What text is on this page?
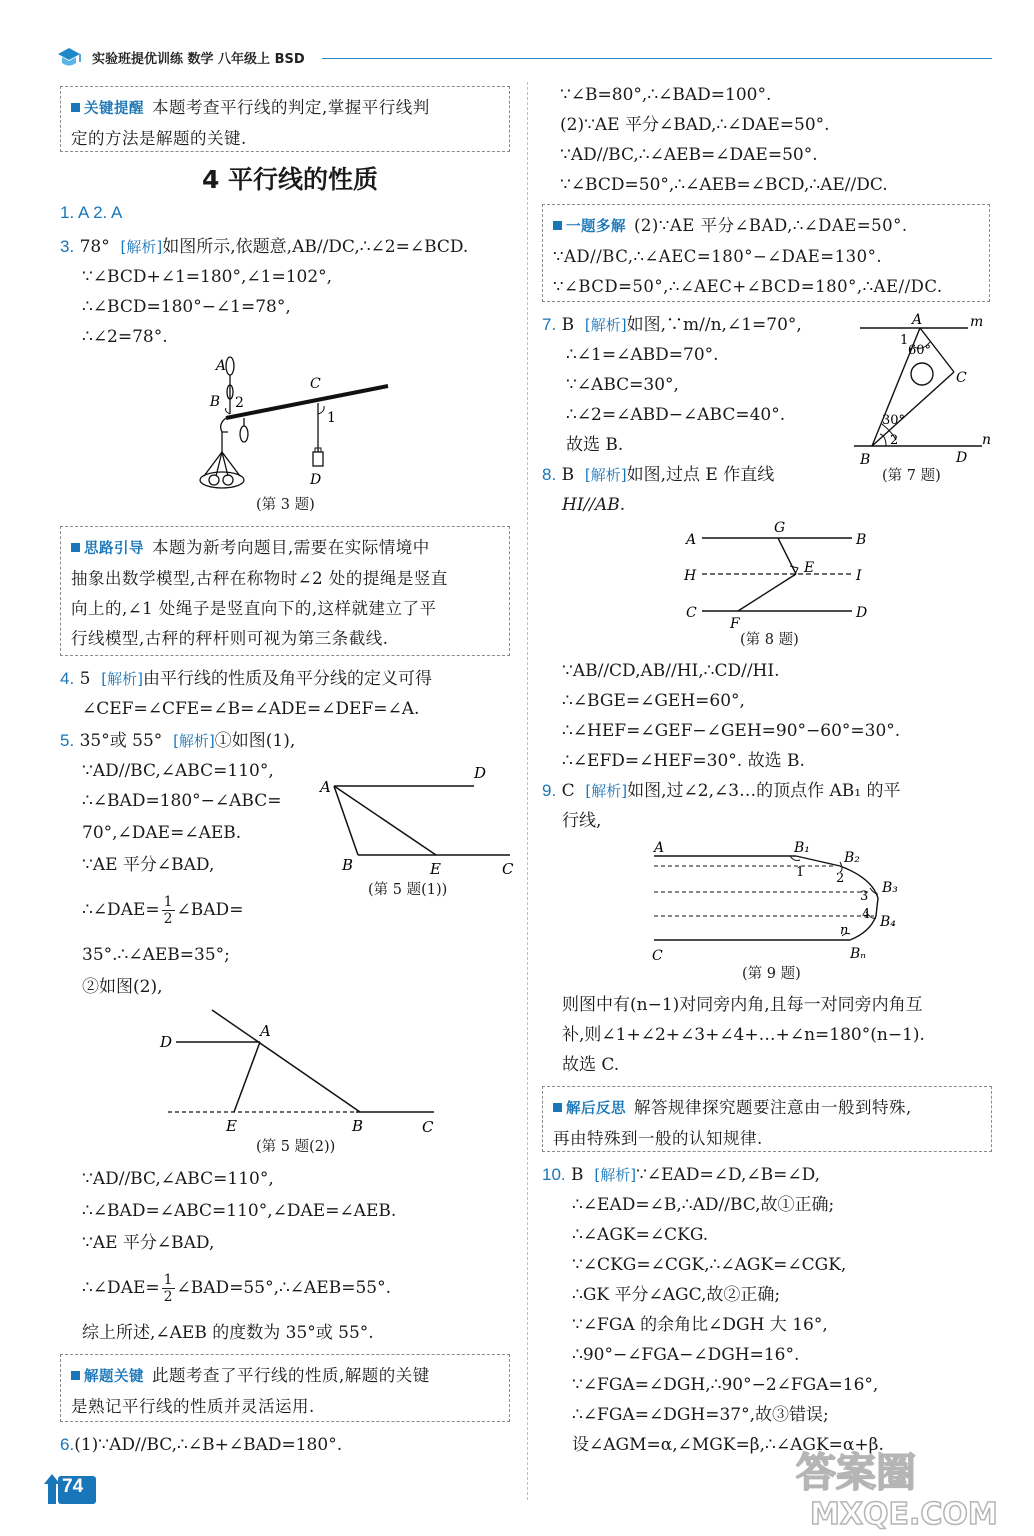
实验班提优训练 数学 八年级上 BSD
关键提醒 本题考查平行线的判定,掌握平行线判
定的方法是解题的关键.
4 平行线的性质
1. A 2. A
3. 78° [解析]如图所示,依题意,AB//DC,∴∠2=∠BCD.
∵∠BCD+∠1=180°,∠1=102°,
∴∠BCD=180°−∠1=78°,
∴∠2=78°.
A
B 2
C
1
D
(第 3 题)
思路引导 本题为新考向题目,需要在实际情境中
抽象出数学模型,古秤在称物时∠2 处的提绳是竖直
向上的,∠1 处绳子是竖直向下的,这样就建立了平
行线模型,古秤的秤杆则可视为第三条截线.
4. 5 [解析]由平行线的性质及角平分线的定义可得
∠CEF=∠CFE=∠B=∠ADE=∠DEF=∠A.
5. 35°或 55° [解析]①如图(1),
∵AD//BC,∠ABC=110°,
∴∠BAD=180°−∠ABC=
70°,∠DAE=∠AEB.
∵AE 平分∠BAD,
∴∠DAE= $\frac{1}{2}$ ∠BAD=
35°.∴∠AEB=35°;
②如图(2),
A
D
B	E	C
(第 5 题(1))
D
A
E	B	C
(第 5 题(2))
∵AD//BC,∠ABC=110°,
∴∠BAD=∠ABC=110°,∠DAE=∠AEB.
∵AE 平分∠BAD,
∴∠DAE= $\frac{1}{2}$ ∠BAD=55°,∴∠AEB=55°.
综上所述,∠AEB 的度数为 35°或 55°.
解题关键 此题考查了平行线的性质,解题的关键
是熟记平行线的性质并灵活运用.
6.(1)∵AD//BC,∴∠B+∠BAD=180°.
∵∠B=80°,∴∠BAD=100°.
(2)∵AE 平分∠BAD,∴∠DAE=50°.
∵AD//BC,∴∠AEB=∠DAE=50°.
∵∠BCD=50°,∴∠AEB=∠BCD,∴AE//DC.
一题多解 (2)∵AE 平分∠BAD,∴∠DAE=50°.
∵AD//BC,∴∠AEC=180°−∠DAE=130°.
∵∠BCD=50°,∴∠AEC+∠BCD=180°,∴AE//DC.
7. B [解析]如图,∵m//n,∠1=70°,
∴∠1=∠ABD=70°.
∵∠ABC=30°,
∴∠2=∠ABD−∠ABC=40°.
故选 B.
A	m
1
60°
C
30°
2
B	D
n
(第 7 题)
8. B [解析]如图,过点 E 作直线
HI//AB.
A
G
B
H	E	I
C
F
D
(第 8 题)
∵AB//CD,AB//HI,∴CD//HI.
∴∠BGE=∠GEH=60°,
∴∠HEF=∠GEF−∠GEH=90°−60°=30°.
∴∠EFD=∠HEF=30°. 故选 B.
9. C [解析]如图,过∠2,∠3…的顶点作 AB₁ 的平
行线,
A	B₁
B₂
1 2
B₃
3
4 B₄
n
C	Bₙ
(第 9 题)
则图中有(n−1)对同旁内角,且每一对同旁内角互
补,则∠1+∠2+∠3+∠4+…+∠n=180°(n−1).
故选 C.
解后反思 解答规律探究题要注意由一般到特殊,
再由特殊到一般的认知规律.
10. B [解析]∵∠EAD=∠D,∠B=∠D,
∴∠EAD=∠B,∴AD//BC,故①正确;
∴∠AGK=∠CKG.
∵∠CKG=∠CGK,∴∠AGK=∠CGK,
∴GK 平分∠AGC,故②正确;
∵∠FGA 的余角比∠DGH 大 16°,
∴90°−∠FGA−∠DGH=16°.
∵∠FGA=∠DGH,∴90°−2∠FGA=16°,
∴∠FGA=∠DGH=37°,故③错误;
设∠AGM=α,∠MGK=β,∴∠AGK=α+β.
74	答案圈
MXQE.COM
